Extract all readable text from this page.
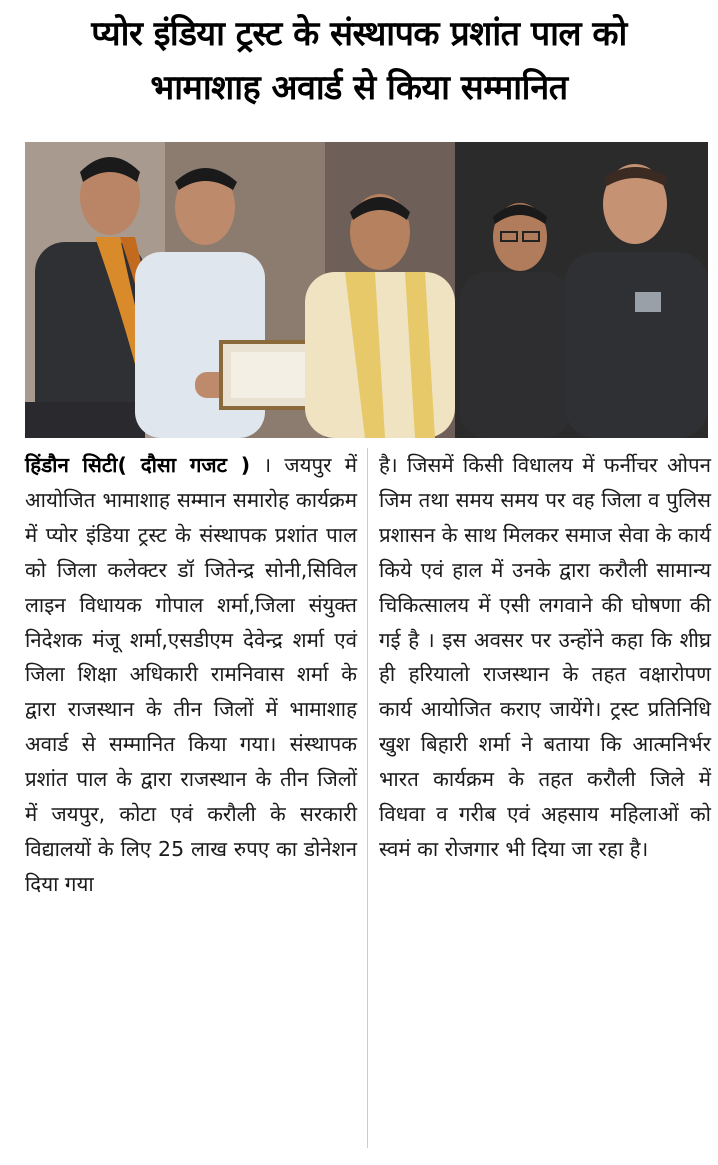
प्योर इंडिया ट्रस्ट के संस्थापक प्रशांत पाल को
भामाशाह अवार्ड से किया सम्मानित

हिंडौन सिटी( दौसा गजट ) । जयपुर में आयोजित भामाशाह सम्मान समारोह कार्यक्रम में प्योर इंडिया ट्रस्ट के संस्थापक प्रशांत पाल को जिला कलेक्टर डॉ जितेन्द्र सोनी,सिविल लाइन विधायक गोपाल शर्मा,जिला संयुक्त निदेशक मंजू शर्मा,एसडीएम देवेन्द्र शर्मा एवं जिला शिक्षा अधिकारी रामनिवास शर्मा के द्वारा राजस्थान के तीन जिलों में भामाशाह अवार्ड से सम्मानित किया गया। संस्थापक प्रशांत पाल के द्वारा राजस्थान के तीन जिलों में जयपुर, कोटा एवं करौली के सरकारी विद्यालयों के लिए 25 लाख रुपए का डोनेशन दिया गया

है। जिसमें किसी विधालय में फर्नीचर ओपन जिम तथा समय समय पर वह जिला व पुलिस प्रशासन के साथ मिलकर समाज सेवा के कार्य किये एवं हाल में उनके द्वारा करौली सामान्य चिकित्सालय में एसी लगवाने की घोषणा की गई है । इस अवसर पर उन्होंने कहा कि शीघ्र ही हरियालो राजस्थान के तहत वक्षारोपण कार्य आयोजित कराए जायेंगे। ट्रस्ट प्रतिनिधि खुश बिहारी शर्मा ने बताया कि आत्मनिर्भर भारत कार्यक्रम के तहत करौली जिले में विधवा व गरीब एवं अहसाय महिलाओं को स्वमं का रोजगार भी दिया जा रहा है।
